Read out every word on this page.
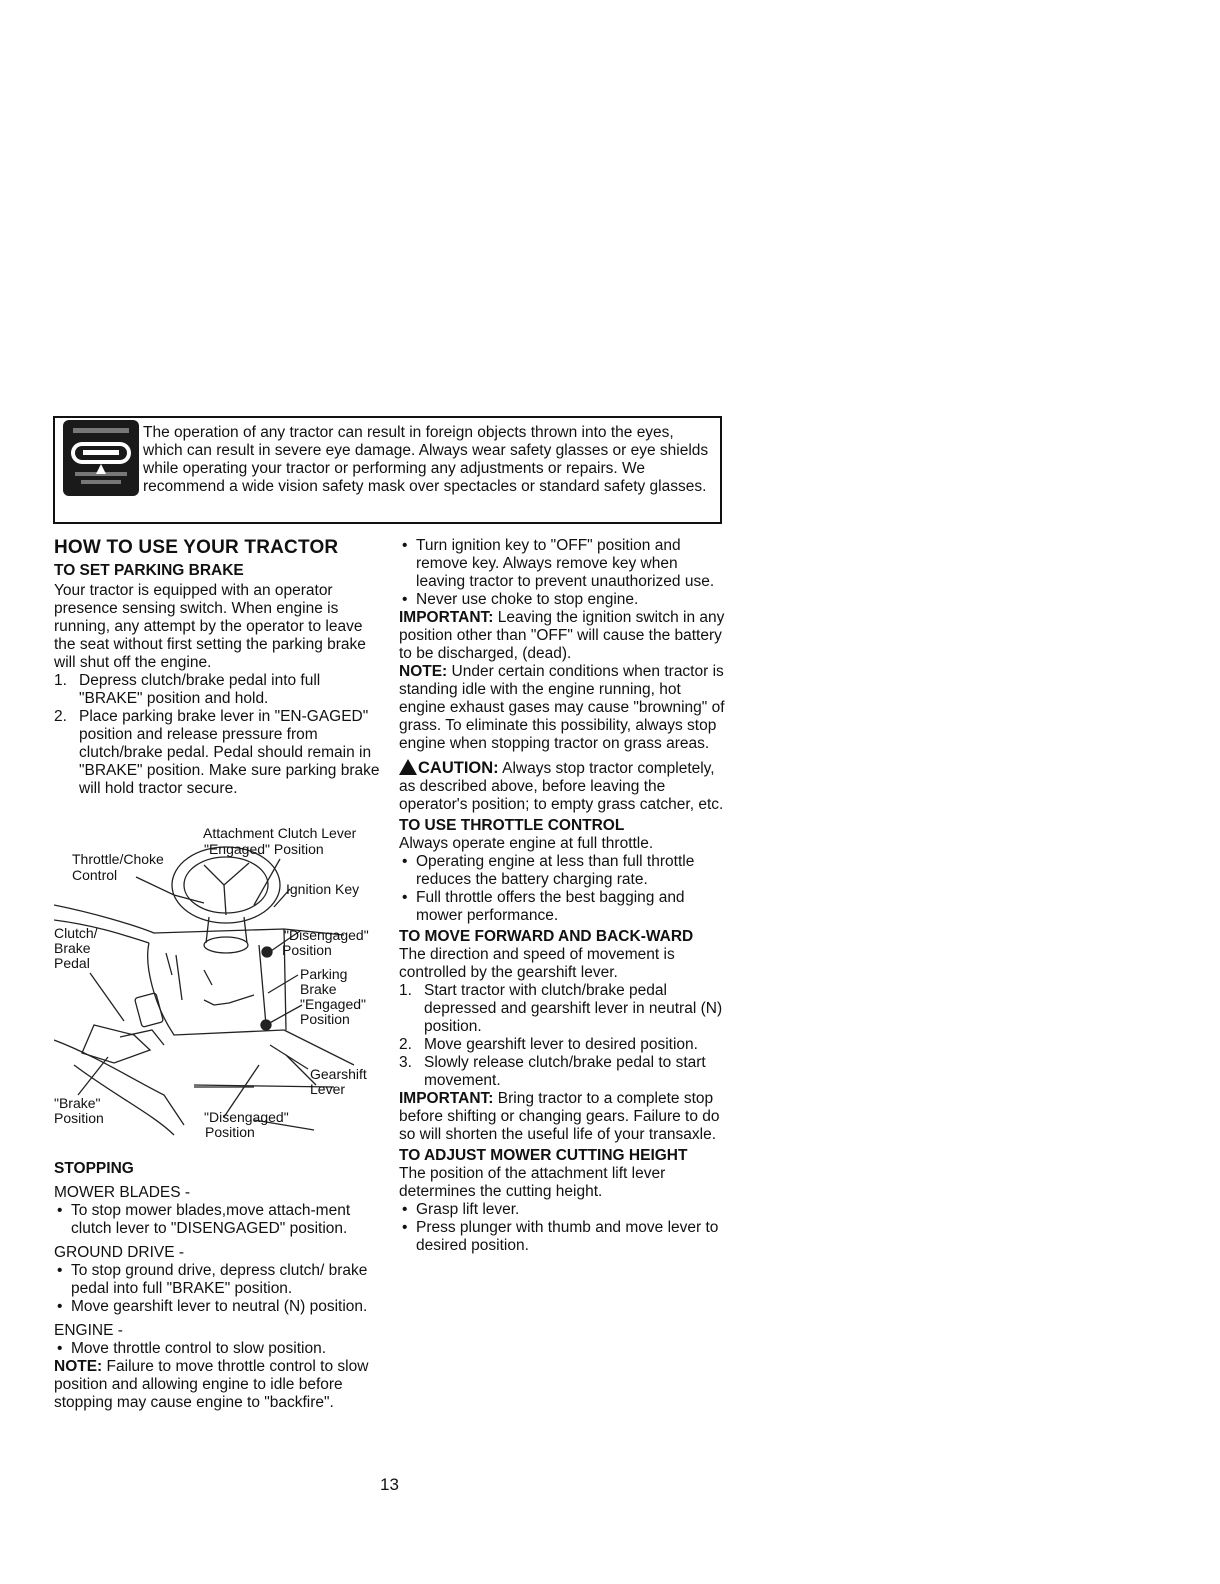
The operation of any tractor can result in foreign objects thrown into the eyes, which can result in severe eye damage. Always wear safety glasses or eye shields while operating your tractor or performing any adjustments or repairs. We recommend a wide vision safety mask over spectacles or standard safety glasses.
HOW TO USE YOUR TRACTOR
TO SET PARKING BRAKE

Your tractor is equipped with an operator presence sensing switch. When engine is running, any attempt by the operator to leave the seat without first setting the parking brake will shut off the engine.

1. Depress clutch/brake pedal into full "BRAKE" position and hold.
2. Place parking brake lever in "EN-GAGED" position and release pressure from clutch/brake pedal. Pedal should remain in "BRAKE" position. Make sure parking brake will hold tractor secure.
Attachment Clutch Lever
"Engaged" Position
Throttle/Choke
Control
Ignition Key
Clutch/
Brake
Pedal
"Disengaged"
Position
Parking
Brake
"Engaged"
Position
Gearshift
Lever
"Brake"
Position	"Disengaged"
Position
STOPPING
MOWER BLADES -
• To stop mower blades,move attach-ment clutch lever to "DISENGAGED" position.
GROUND DRIVE -
• To stop ground drive, depress clutch/ brake pedal into full "BRAKE" position.
• Move gearshift lever to neutral (N) position.
ENGINE -
• Move throttle control to slow position.

NOTE: Failure to move throttle control to slow position and allowing engine to idle before stopping may cause engine to "backfire".

• Turn ignition key to "OFF" position and remove key. Always remove key when leaving tractor to prevent unauthorized use.
• Never use choke to stop engine.

IMPORTANT: Leaving the ignition switch in any position other than "OFF" will cause the battery to be discharged, (dead).

NOTE: Under certain conditions when tractor is standing idle with the engine running, hot engine exhaust gases may cause "browning" of grass. To eliminate this possibility, always stop engine when stopping tractor on grass areas.

CAUTION: Always stop tractor completely, as described above, before leaving the operator's position; to empty grass catcher, etc.

TO USE THROTTLE CONTROL

Always operate engine at full throttle.

• Operating engine at less than full throttle reduces the battery charging rate.
• Full throttle offers the best bagging and mower performance.
TO MOVE FORWARD AND BACK-WARD

The direction and speed of movement is controlled by the gearshift lever.

1. Start tractor with clutch/brake pedal depressed and gearshift lever in neutral (N) position.
2. Move gearshift lever to desired position.
3. Slowly release clutch/brake pedal to start movement.

IMPORTANT: Bring tractor to a complete stop before shifting or changing gears. Failure to do so will shorten the useful life of your transaxle.

TO ADJUST MOWER CUTTING HEIGHT

The position of the attachment lift lever determines the cutting height.

• Grasp lift lever.
• Press plunger with thumb and move lever to desired position.
13
